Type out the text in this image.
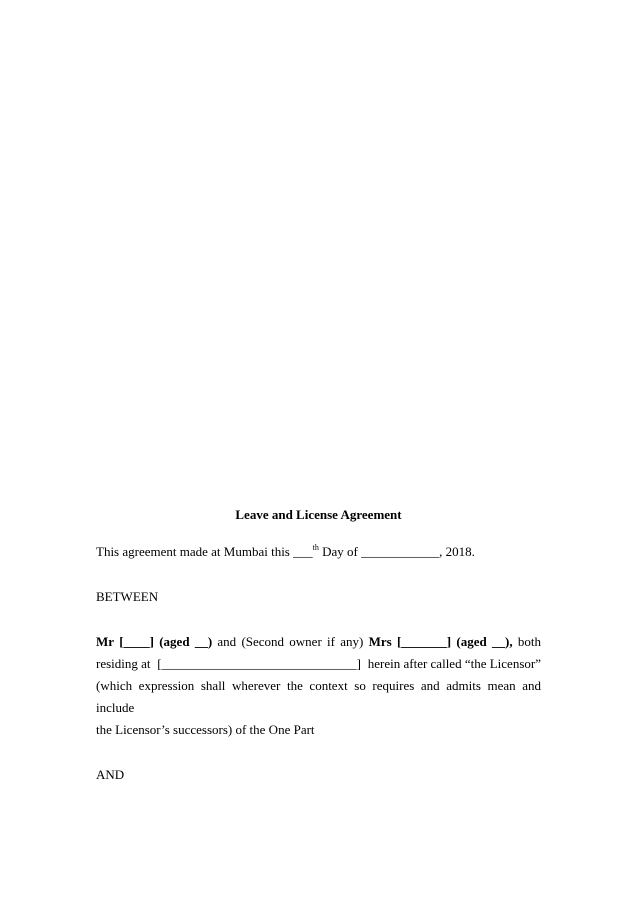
Leave and License Agreement

This agreement made at Mumbai this ___$^{th}$ Day of ____________, 2018.

BETWEEN

Mr [____] (aged __) and (Second owner if any) Mrs [_______] (aged __), both
residing at [______________________________] herein after called “the Licensor”

(which expression shall wherever the context so requires and admits mean and include

the Licensor’s successors) of the One Part

AND
